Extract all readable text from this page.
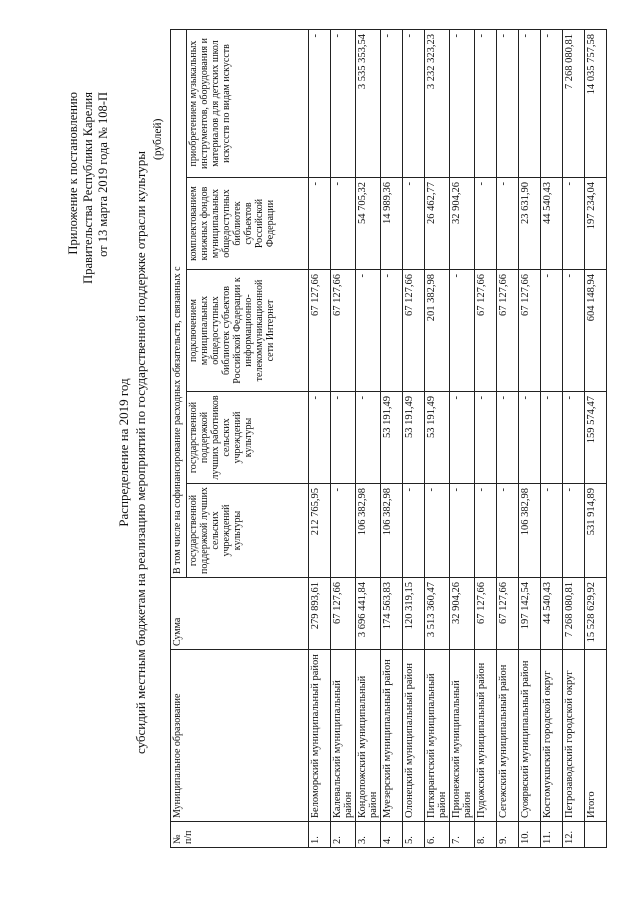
Приложение к постановлению Правительства Республики Карелия от 13 марта 2019 года № 108-П
Распределение на 2019 год субсидий местным бюджетам на реализацию мероприятий по государственной поддержке отрасли культуры
(рублей)
№ п/п	Муниципальное образование	Сумма	В том числе на софинансирование расходных обязательств, связанных с				
			государственной поддержкой лучших сельских учреждений культуры	государственной поддержкой лучших работников сельских учреждений культуры	подключением муниципальных общедоступных библиотек субъектов Российской Федерации к информационно-телекоммуникационной сети Интернет	комплектованием книжных фондов муниципальных общедоступных библиотек субъектов Российской Федерации	приобретением музыкальных инструментов, оборудования и материалов для детских школ искусств по видам искусств
1.	Беломорский муниципальный район	279 893,61	212 765,95	-	67 127,66	-	-
2.	Калевальский муниципальный район	67 127,66	-	-	67 127,66	-	-
3.	Кондопожский муниципальный район	3 696 441,84	106 382,98	-	-	54 705,32	3 535 353,54
4.	Муезерский муниципальный район	174 563,83	106 382,98	53 191,49	-	14 989,36	-
5.	Олонецкий муниципальный район	120 319,15	-	53 191,49	67 127,66	-	-
6.	Питкярантский муниципальный район	3 513 360,47	-	53 191,49	201 382,98	26 462,77	3 232 323,23
7.	Прионежский муниципальный район	32 904,26	-	-	-	32 904,26	-
8.	Пудожский муниципальный район	67 127,66	-	-	67 127,66	-	-
9.	Сегежский муниципальный район	67 127,66	-	-	67 127,66	-	-
10.	Суоярвский муниципальный район	197 142,54	106 382,98	-	67 127,66	23 631,90	-
11.	Костомукшский городской округ	44 540,43	-	-	-	44 540,43	-
12.	Петрозаводский городской округ	7 268 080,81	-	-	-	-	7 268 080,81
	Итого	15 528 629,92	531 914,89	159 574,47	604 148,94	197 234,04	14 035 757,58
